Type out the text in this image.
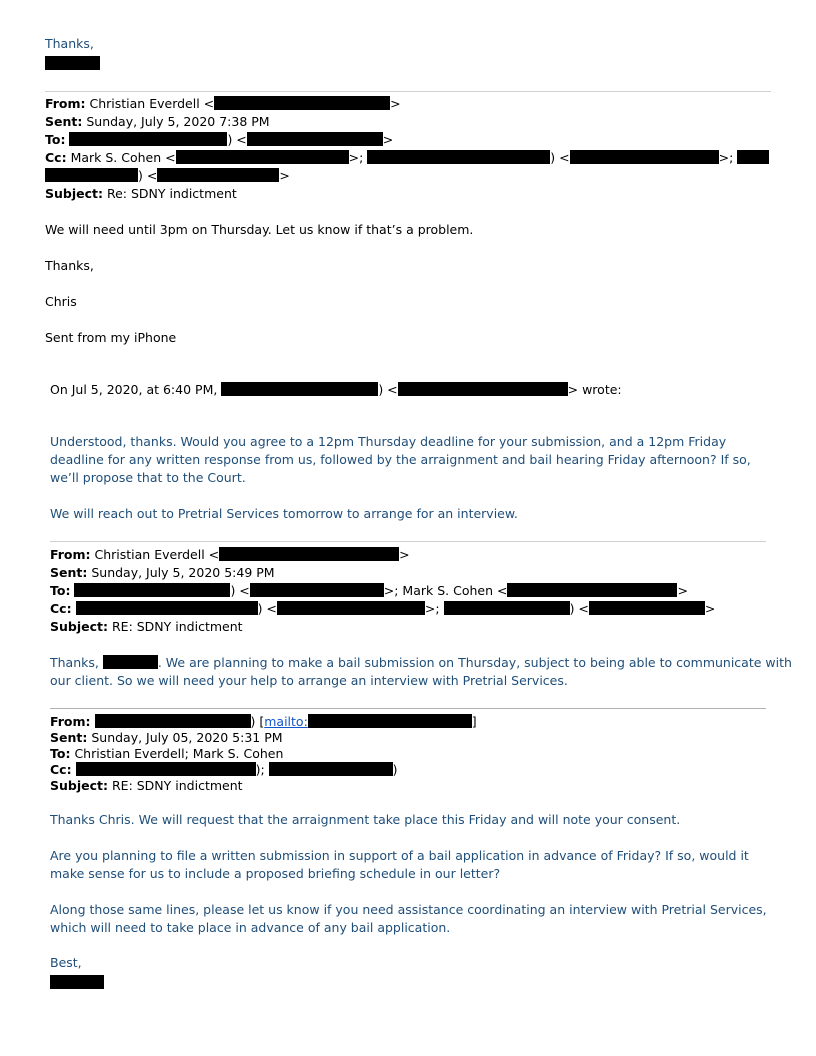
Thanks,
From: Christian Everdell <	>
Sent: Sunday, July 5, 2020 7:38 PM
To:	) <	>
Cc: Mark S. Cohen <	>;	) <	>;
) <	>
Subject: Re: SDNY indictment
We will need until 3pm on Thursday. Let us know if that’s a problem.
Thanks,
Chris
Sent from my iPhone
On Jul 5, 2020, at 6:40 PM,	) <	> wrote:
Understood, thanks. Would you agree to a 12pm Thursday deadline for your submission, and a 12pm Friday deadline for any written response from us, followed by the arraignment and bail hearing Friday afternoon? If so, we’ll propose that to the Court.
We will reach out to Pretrial Services tomorrow to arrange for an interview.
From: Christian Everdell <	>
Sent: Sunday, July 5, 2020 5:49 PM
To:	) <	>; Mark S. Cohen <	>
Cc:	) <	>;	) <	>
Subject: RE: SDNY indictment
Thanks,	. We are planning to make a bail submission on Thursday, subject to being able to communicate with
our client. So we will need your help to arrange an interview with Pretrial Services.
From:	) [mailto:	]
Sent: Sunday, July 05, 2020 5:31 PM
To: Christian Everdell; Mark S. Cohen
Cc:	);	)
Subject: RE: SDNY indictment
Thanks Chris. We will request that the arraignment take place this Friday and will note your consent.
Are you planning to file a written submission in support of a bail application in advance of Friday? If so, would it make sense for us to include a proposed briefing schedule in our letter?
Along those same lines, please let us know if you need assistance coordinating an interview with Pretrial Services, which will need to take place in advance of any bail application.
Best,
